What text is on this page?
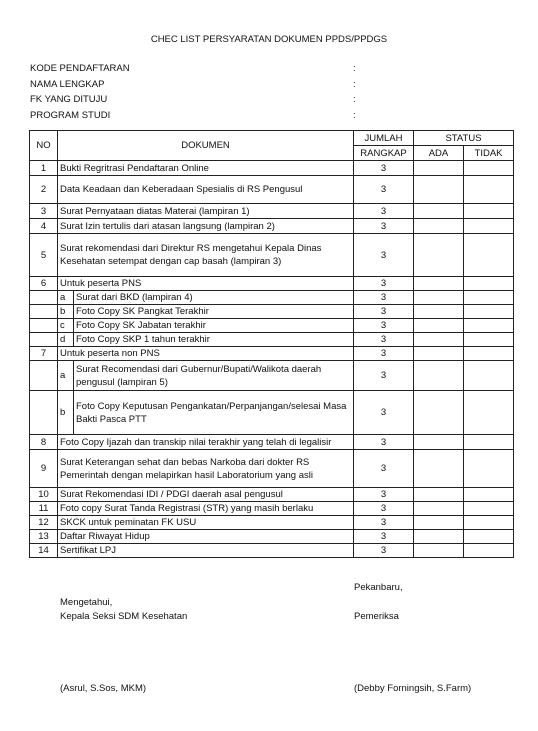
CHEC LIST PERSYARATAN DOKUMEN PPDS/PPDGS
KODE PENDAFTARAN	:
NAMA LENGKAP	:
FK YANG DITUJU	:
PROGRAM STUDI	:
NO	DOKUMEN		JUMLAH	STATUS	
			RANGKAP	ADA	TIDAK
1	Bukti Regritrasi Pendaftaran Online		3		
2	Data Keadaan dan Keberadaan Spesialis di RS Pengusul		3		
3	Surat Pernyataan diatas Materai (lampiran 1)		3		
4	Surat Izin tertulis dari atasan langsung (lampiran 2)		3		
5	Surat rekomendasi dari Direktur RS mengetahui Kepala Dinas Kesehatan setempat dengan cap basah (lampiran 3)		3		
6	Untuk peserta PNS		3		
	a	Surat dari BKD (lampiran 4)	3		
	b	Foto Copy SK Pangkat Terakhir	3		
	c	Foto Copy SK Jabatan terakhir	3		
	d	Foto Copy SKP 1 tahun terakhir	3		
7	Untuk peserta non PNS		3		
	a	Surat Recomendasi dari Gubernur/Bupati/Walikota daerah pengusul (lampiran 5)	3		
	b	Foto Copy Keputusan Pengankatan/Perpanjangan/selesai Masa Bakti Pasca PTT	3		
8	Foto Copy Ijazah dan transkip nilai terakhir yang telah di legalisir		3		
9	Surat Keterangan sehat dan bebas Narkoba dari dokter RS Pemerintah dengan melapirkan hasil Laboratorium yang asli		3		
10	Surat Rekomendasi IDI / PDGI daerah asal pengusul		3		
11	Foto copy Surat Tanda Registrasi (STR) yang masih berlaku		3		
12	SKCK untuk peminatan FK USU		3		
13	Daftar Riwayat Hidup		3		
14	Sertifikat LPJ		3		
Pekanbaru,
Mengetahui,
Kepala Seksi SDM Kesehatan	Pemeriksa
(Asrul, S.Sos, MKM)	(Debby Forningsih, S.Farm)
